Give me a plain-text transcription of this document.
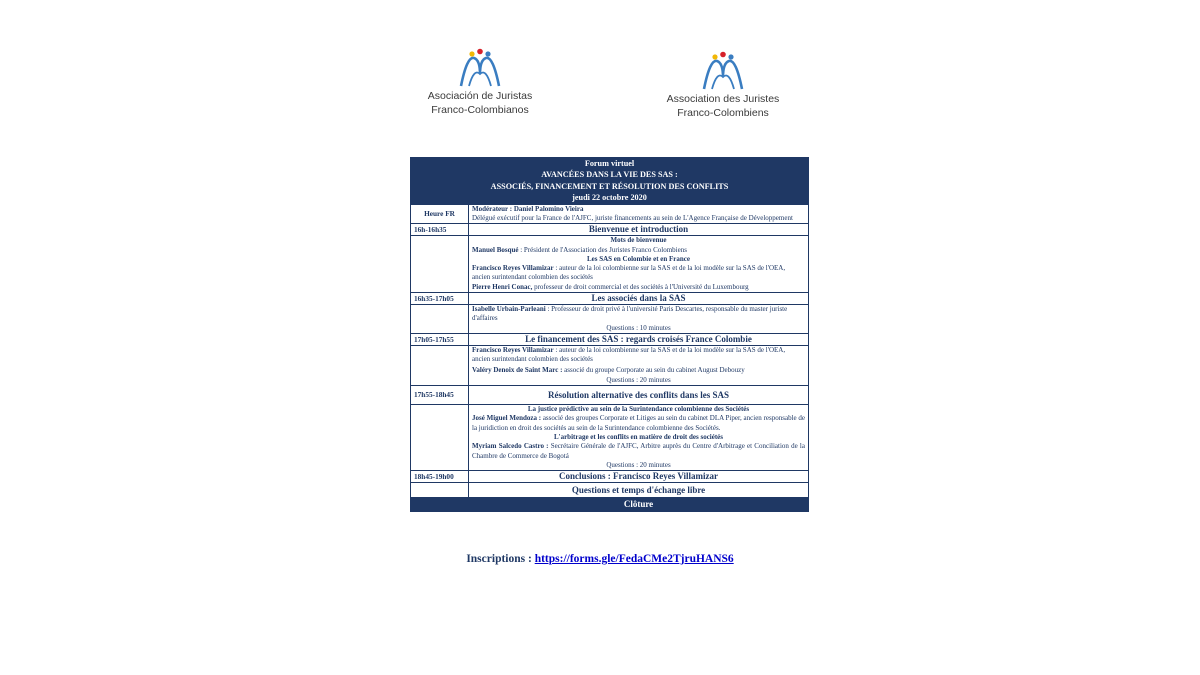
Asociación de Juristas
Franco-Colombianos
Association des Juristes
Franco-Colombiens
Forum virtuel
AVANCÉES DANS LA VIE DES SAS :
ASSOCIÉS, FINANCEMENT ET RÉSOLUTION DES CONFLITS
jeudi 22 octobre 2020	

Heure FR	Modérateur : Daniel Palomino Vieira
Délégué exécutif pour la France de l'AJFC, juriste financements au sein de L'Agence Française de Développement

16h-16h35	Bienvenue et introduction

	Mots de bienvenue
Manuel Bosqué : Président de l'Association des Juristes Franco Colombiens
Les SAS en Colombie et en France
Francisco Reyes Villamizar : auteur de la loi colombienne sur la SAS et de la loi modèle sur la SAS de l'OEA, ancien surintendant colombien des sociétés
Pierre Henri Conac, professeur de droit commercial et des sociétés à l'Université du Luxembourg

16h35-17h05	Les associés dans la SAS

	Isabelle Urbain-Parleani : Professeur de droit privé à l'université Paris Descartes, responsable du master juriste d'affaires
Questions : 10 minutes

17h05-17h55	Le financement des SAS : regards croisés France Colombie

	Francisco Reyes Villamizar : auteur de la loi colombienne sur la SAS et de la loi modèle sur la SAS de l'OEA, ancien surintendant colombien des sociétés
Valéry Denoix de Saint Marc : associé du groupe Corporate au sein du cabinet August Debouzy
Questions : 20 minutes

17h55-18h45	Résolution alternative des conflits dans les SAS

	La justice prédictive au sein de la Surintendance colombienne des Sociétés
José Miguel Mendoza : associé des groupes Corporate et Litiges au sein du cabinet DLA Piper, ancien responsable de la juridiction en droit des sociétés au sein de la Surintendance colombienne des Sociétés.
L'arbitrage et les conflits en matière de droit des sociétés
Myriam Salcedo Castro : Secrétaire Générale de l'AJFC, Arbitre auprès du Centre d'Arbitrage et Conciliation de la Chambre de Commerce de Bogotá
Questions : 20 minutes

18h45-19h00	Conclusions : Francisco Reyes Villamizar
	Questions et temps d'échange libre
	Clôture
Inscriptions : https://forms.gle/FedaCMe2TjruHANS6
